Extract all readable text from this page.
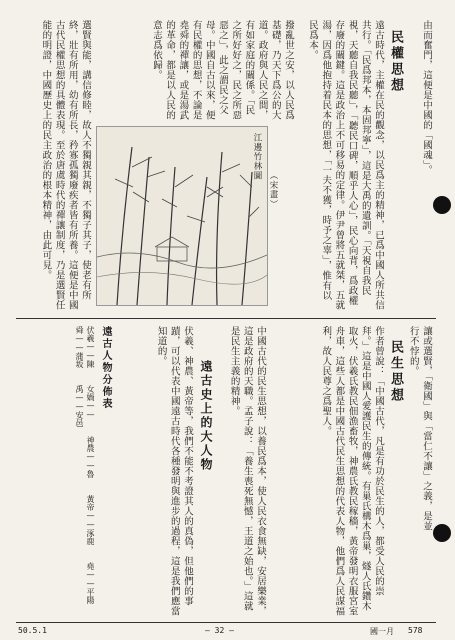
由而奮門，這便是中國的「國魂」。
民權思想
遠古時代，主權在民的觀念，以民爲主的精神，已爲中國人所共信共行。「民爲邦本，本固邦寧」，這是大禹的遺訓。「天視自我民視，天聽自我民聽」，「聽民口碑，順乎人心」，民心向背，爲政權存廢的關鍵。這是政治上不可移易的定律。伊尹曾將五就桀，五就湯，因爲他抱持着民本的思想，「一夫不獲，時予之辜」，惟有以民爲本。
撥亂世之安，以人民爲基礎，乃天下爲公的大道。政府與人民之間，有如家庭的關係。「民之所好好之，民之所惡惡之」，此之謂民之父母。中國自古以來，便有民權的思想，不論是堯舜的禪讓，或是湯武的革命，都是以人民的意志爲依歸。
選賢與能，講信修睦，故人不獨親其親，不獨子其子，使老有所終，壯有所用，幼有所長，矜寡孤獨廢疾者皆有所養。這便是中國古代民權思想的具體表現。至於唐虞時代的禪讓制度，乃是選賢任能的明證，中國歷史上的民主政治的根本精神，由此可見。	江邊竹林圖
（宋畫）
讓或選賢，「衛國」與「當仁不讓」之義，是並行不悖的。
民生思想
作者曾說：「中國古代，凡是有功於民生的人，都受人民的崇拜。」這是中國人愛護民生的傳統。有巢氏構木爲巢，燧人氏鑽木取火，伏羲氏教民佃漁畜牧，神農氏教民稼穡，黃帝發明衣服宮室舟車，這些人都是中國古代民生思想的代表人物，他們爲人民謀福利，故人民尊之爲聖人。
中國古代的民生思想，以養民爲本，使人民衣食無缺，安居樂業，這是政府的天職。孟子說：「養生喪死無憾，王道之始也。」這就是民生主義的精神。
遠古史上的大人物
伏羲、神農、黃帝等，我們不能不考證其人的真偽，但他們的事蹟，可以代表中國遠古時代各種發明與進步的過程，這是我們應當知道的。
遠古人物分佈表
伏羲——陳　 女媧——　 神農——魯　 黃帝——涿鹿　 堯——平陽　 舜——蒲坂　 禹——安邑
50.5.1	— 32 —	國一月 578
